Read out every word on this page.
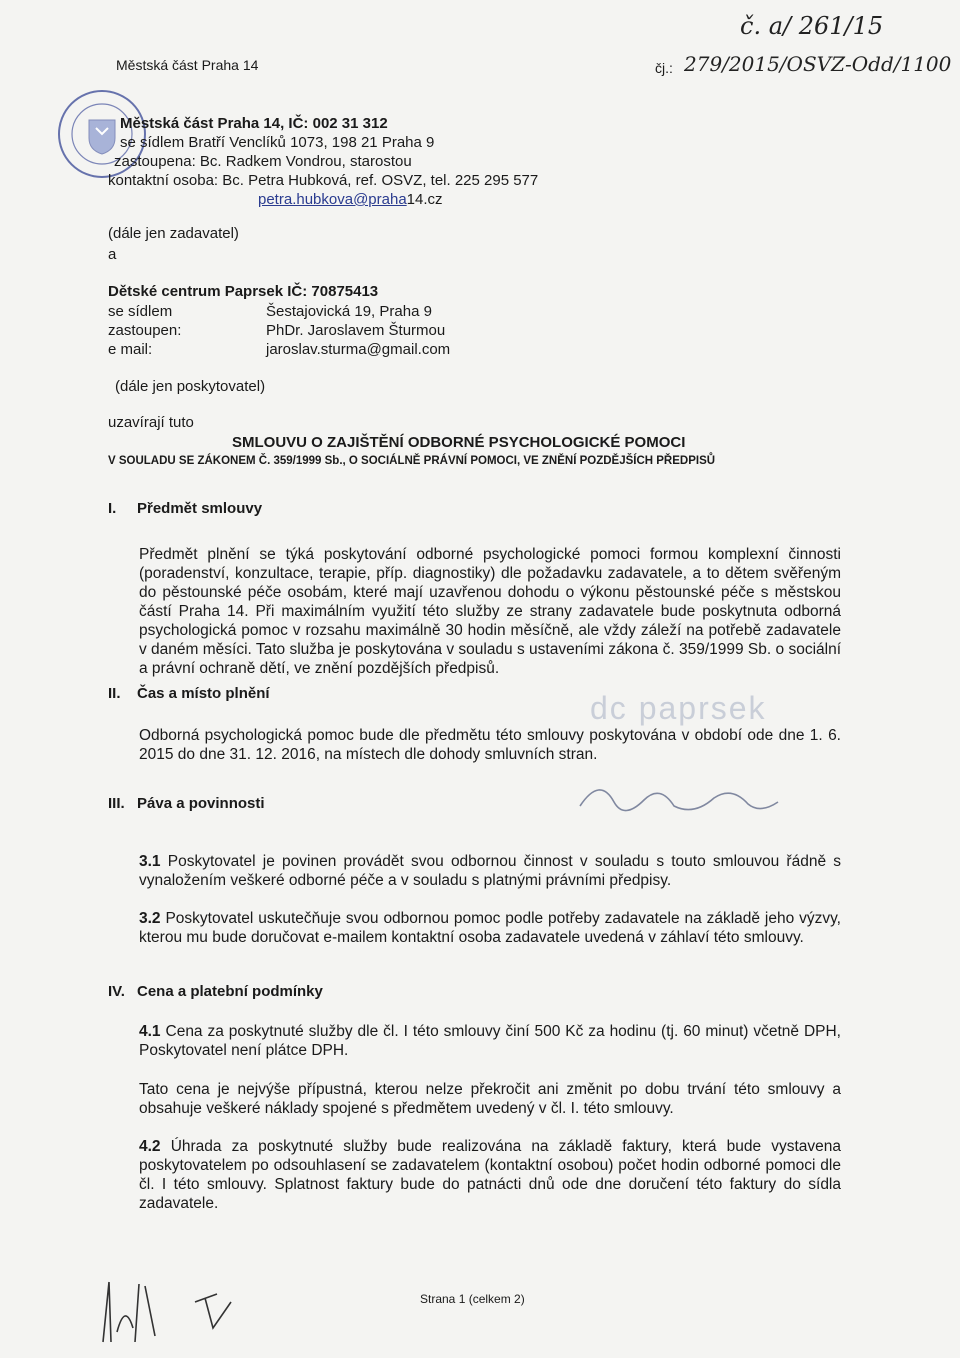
Městská část Praha 14	čj.: 279/2015/OSVZ-Odd/1100
č. a/ 261/15
Městská část Praha 14, IČ: 002 31 312
se sídlem Bratří Venclíků 1073, 198 21 Praha 9
zastoupena: Bc. Radkem Vondrou, starostou
kontaktní osoba: Bc. Petra Hubková, ref. OSVZ, tel. 225 295 577
petra.hubkova@praha14.cz
(dále jen zadavatel)
a
Dětské centrum Paprsek IČ: 70875413
se sídlem	Šestajovická 19, Praha 9
zastoupen:	PhDr. Jaroslavem Šturmou
e mail:	jaroslav.sturma@gmail.com
(dále jen poskytovatel)
uzavírají tuto
SMLOUVU O ZAJIŠTĚNÍ ODBORNÉ PSYCHOLOGICKÉ POMOCI
V SOULADU SE ZÁKONEM Č. 359/1999 Sb., O SOCIÁLNĚ PRÁVNÍ POMOCI, VE ZNĚNÍ POZDĚJŠÍCH PŘEDPISŮ
I. Předmět smlouvy
Předmět plnění se týká poskytování odborné psychologické pomoci formou komplexní činnosti (poradenství, konzultace, terapie, příp. diagnostiky) dle požadavku zadavatele, a to dětem svěřeným do pěstounské péče osobám, které mají uzavřenou dohodu o výkonu pěstounské péče s městskou částí Praha 14. Při maximálním využití této služby ze strany zadavatele bude poskytnuta odborná psychologická pomoc v rozsahu maximálně 30 hodin měsíčně, ale vždy záleží na potřebě zadavatele v daném měsíci. Tato služba je poskytována v souladu s ustaveními zákona č. 359/1999 Sb. o sociální a právní ochraně dětí, ve znění pozdějších předpisů.
II. Čas a místo plnění
Odborná psychologická pomoc bude dle předmětu této smlouvy poskytována v období ode dne 1. 6. 2015 do dne 31. 12. 2016, na místech dle dohody smluvních stran.
dc paprsek
III. Páva a povinnosti
3.1 Poskytovatel je povinen provádět svou odbornou činnost v souladu s touto smlouvou řádně s vynaložením veškeré odborné péče a v souladu s platnými právními předpisy.
3.2 Poskytovatel uskutečňuje svou odbornou pomoc podle potřeby zadavatele na základě jeho výzvy, kterou mu bude doručovat e-mailem kontaktní osoba zadavatele uvedená v záhlaví této smlouvy.
IV. Cena a platební podmínky
4.1 Cena za poskytnuté služby dle čl. I této smlouvy činí 500 Kč za hodinu (tj. 60 minut) včetně DPH, Poskytovatel není plátce DPH.
Tato cena je nejvýše přípustná, kterou nelze překročit ani změnit po dobu trvání této smlouvy a obsahuje veškeré náklady spojené s předmětem uvedený v čl. I. této smlouvy.
4.2 Úhrada za poskytnuté služby bude realizována na základě faktury, která bude vystavena poskytovatelem po odsouhlasení se zadavatelem (kontaktní osobou) počet hodin odborné pomoci dle čl. I této smlouvy. Splatnost faktury bude do patnácti dnů ode dne doručení této faktury do sídla zadavatele.
Strana 1 (celkem 2)
